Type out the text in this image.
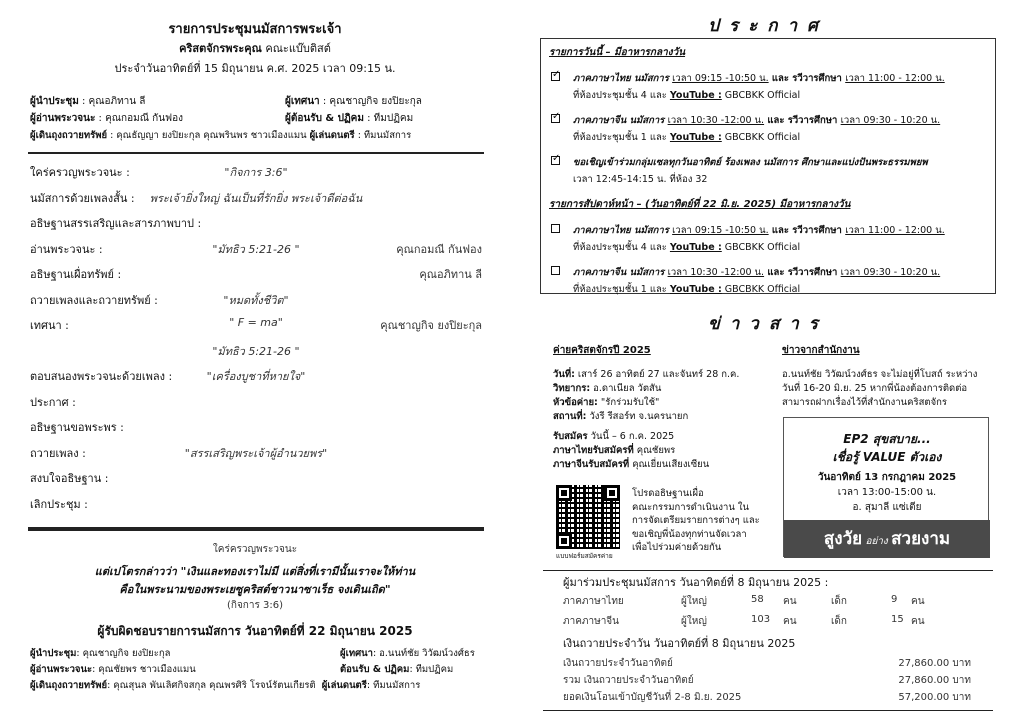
รายการประชุมนมัสการพระเจ้า
คริสตจักรพระคุณ คณะแบ๊บติสต์
ประจำวันอาทิตย์ที่ 15 มิถุนายน ค.ศ. 2025 เวลา 09:15 น.
ผู้นำประชุม : คุณอภิทาน ลี	ผู้เทศนา : คุณชาญกิจ ยงปิยะกุล
ผู้อ่านพระวจนะ : คุณกอมณี กันฟอง	ผู้ต้อนรับ & ปฏิคม : ทีมปฏิคม
ผู้เดินถุงถวายทรัพย์ : คุณธัญญา ยงปิยะกุล คุณพรินพร ชาวเมืองแมน ผู้เล่นดนตรี : ทีมนมัสการ
ใคร่ครวญพระวจนะ :	"กิจการ 3:6"
นมัสการด้วยเพลงสั้น :	พระเจ้ายิ่งใหญ่ ฉันเป็นที่รักยิ่ง พระเจ้าดีต่อฉัน
อธิษฐานสรรเสริญและสารภาพบาป :
อ่านพระวจนะ :	"มัทธิว 5:21-26 "	คุณกอมณี กันฟอง
อธิษฐานเผื่อทรัพย์ :	คุณอภิทาน ลี
ถวายเพลงและถวายทรัพย์ :	"หมดทั้งชีวิต"
เทศนา :	" F = ma"	คุณชาญกิจ ยงปิยะกุล
"มัทธิว 5:21-26 "
ตอบสนองพระวจนะด้วยเพลง :	"เครื่องบูชาที่หายใจ"
ประกาศ :
อธิษฐานขอพระพร :
ถวายเพลง :	"สรรเสริญพระเจ้าผู้อำนวยพร"
สงบใจอธิษฐาน :
เลิกประชุม :
ใคร่ครวญพระวจนะ
แต่เปโตรกล่าวว่า "เงินและทองเราไม่มี แต่สิ่งที่เรามีนั้นเราจะให้ท่าน
คือในพระนามของพระเยซูคริสต์ชาวนาซาเร็ธ จงเดินเถิด"
(กิจการ 3:6)
ผู้รับผิดชอบรายการนมัสการ วันอาทิตย์ที่ 22 มิถุนายน 2025
ผู้นำประชุม: คุณชาญกิจ ยงปิยะกุล	ผู้เทศนา: อ.นนท์ชัย วิวัฒน์วงศ์ธร
ผู้อ่านพระวจนะ: คุณชัยพร ชาวเมืองแมน	ต้อนรับ & ปฏิคม: ทีมปฏิคม
ผู้เดินถุงถวายทรัพย์: คุณสุนล พันเลิศกิจสกุล คุณพรศิริ โรจน์รัตนเกียรติ ผู้เล่นดนตรี: ทีมนมัสการ
ประกาศ
รายการวันนี้ – มีอาหารกลางวัน
✓
ภาคภาษาไทย นมัสการ เวลา 09:15 -10:50 น. และ รวีวารศึกษา เวลา 11:00 - 12:00 น.
ที่ห้องประชุมชั้น 4 และ YouTube : GBCBKK Official
✓
ภาคภาษาจีน นมัสการ เวลา 10:30 -12:00 น. และ รวีวารศึกษา เวลา 09:30 - 10:20 น.
ที่ห้องประชุมชั้น 1 และ YouTube : GBCBKK Official
✓
ขอเชิญเข้าร่วมกลุ่มเซลทุกวันอาทิตย์ ร้องเพลง นมัสการ ศึกษาและแบ่งปันพระธรรมพยพ
เวลา 12:45-14:15 น. ที่ห้อง 32
รายการสัปดาห์หน้า – (วันอาทิตย์ที่ 22 มิ.ย. 2025) มีอาหารกลางวัน
ภาคภาษาไทย นมัสการ เวลา 09:15 -10:50 น. และ รวีวารศึกษา เวลา 11:00 - 12:00 น.
ที่ห้องประชุมชั้น 4 และ YouTube : GBCBKK Official
ภาคภาษาจีน นมัสการ เวลา 10:30 -12:00 น. และ รวีวารศึกษา เวลา 09:30 - 10:20 น.
ที่ห้องประชุมชั้น 1 และ YouTube : GBCBKK Official
ข่าวสาร
ค่ายคริสตจักรปี 2025
วันที่: เสาร์ 26 อาทิตย์ 27 และจันทร์ 28 ก.ค.
วิทยากร: อ.ดาเนียล วัตสัน
หัวข้อค่าย: "รักร่วมรับใช้"
สถานที่: วังรี รีสอร์ท จ.นครนายก
รับสมัคร วันนี้ – 6 ก.ค. 2025
ภาษาไทยรับสมัครที่ คุณชัยพร
ภาษาจีนรับสมัครที่ คุณเยี่ยนเสียงเซียน
แบบฟอร์มสมัครค่าย
โปรดอธิษฐานเผื่อ
คณะกรรมการดำเนินงาน ใน
การจัดเตรียมรายการต่างๆ และ
ขอเชิญพี่น้องทุกท่านจัดเวลา
เพื่อไปร่วมค่ายด้วยกัน
ข่าวจากสำนักงาน
อ.นนท์ชัย วิวัฒน์วงศ์ธร จะไม่อยู่ที่โบสถ์ ระหว่าง
วันที่ 16-20 มิ.ย. 25 หากพี่น้องต้องการติดต่อ
สามารถฝากเรื่องไว้ที่สำนักงานคริสตจักร
EP2 สุขสบาย...
เชื่อรู้ VALUE ตัวเอง
วันอาทิตย์ 13 กรกฎาคม 2025
เวลา 13:00-15:00 น.
อ. สุมาลี แซ่เตีย
สูงวัย อย่าง สวยงาม
ผู้มาร่วมประชุมนมัสการ วันอาทิตย์ที่ 8 มิถุนายน 2025 :
ภาคภาษาไทย	ผู้ใหญ่	58 คน	เด็ก	9 คน
ภาคภาษาจีน	ผู้ใหญ่	103 คน	เด็ก	15 คน
เงินถวายประจำวัน วันอาทิตย์ที่ 8 มิถุนายน 2025
เงินถวายประจำวันอาทิตย์	27,860.00 บาท
รวม เงินถวายประจำวันอาทิตย์	27,860.00 บาท
ยอดเงินโอนเข้าบัญชีวันที่ 2-8 มิ.ย. 2025	57,200.00 บาท
